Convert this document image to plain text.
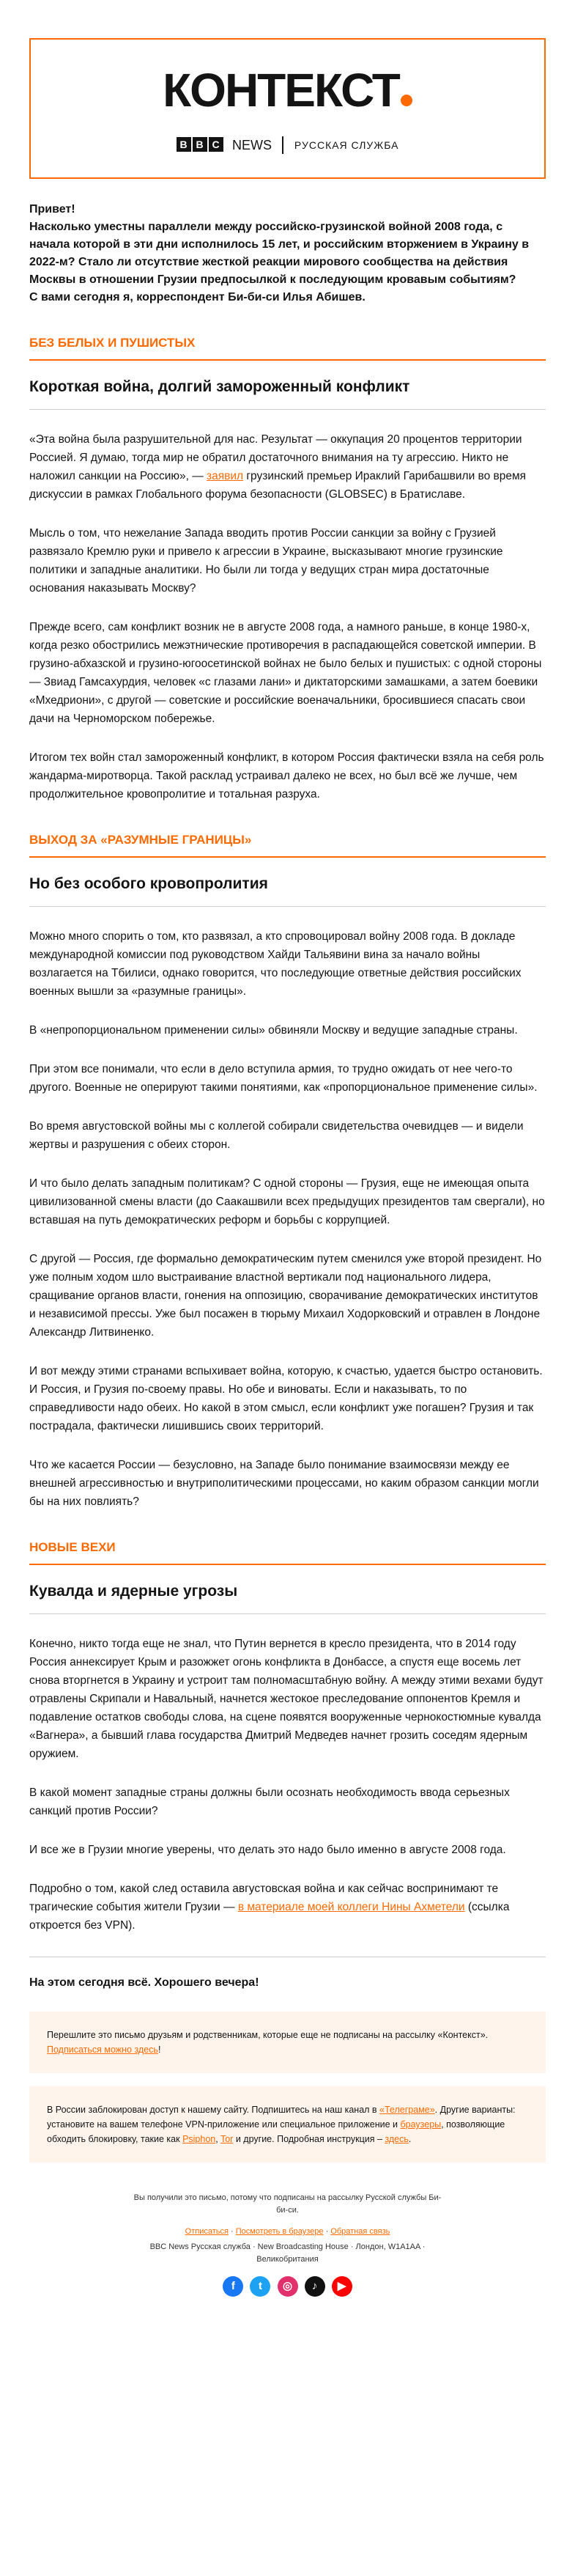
КОНТЕКСТ
B B C NEWS РУССКАЯ СЛУЖБА

Привет!

Насколько уместны параллели между российско-грузинской войной 2008 года, с начала которой в эти дни исполнилось 15 лет, и российским вторжением в Украину в 2022-м? Стало ли отсутствие жесткой реакции мирового сообщества на действия Москвы в отношении Грузии предпосылкой к последующим кровавым событиям?

С вами сегодня я, корреспондент Би-би-си Илья Абишев.

БЕЗ БЕЛЫХ И ПУШИСТЫХ
Короткая война, долгий замороженный конфликт

«Эта война была разрушительной для нас. Результат — оккупация 20 процентов территории Россией. Я думаю, тогда мир не обратил достаточного внимания на ту агрессию. Никто не наложил санкции на Россию», — заявил грузинский премьер Ираклий Гарибашвили во время дискуссии в рамках Глобального форума безопасности (GLOBSEC) в Братиславе.

Мысль о том, что нежелание Запада вводить против России санкции за войну с Грузией развязало Кремлю руки и привело к агрессии в Украине, высказывают многие грузинские политики и западные аналитики. Но были ли тогда у ведущих стран мира достаточные основания наказывать Москву?

Прежде всего, сам конфликт возник не в августе 2008 года, а намного раньше, в конце 1980-х, когда резко обострились межэтнические противоречия в распадающейся советской империи. В грузино-абхазской и грузино-югоосетинской войнах не было белых и пушистых: с одной стороны — Звиад Гамсахурдия, человек «с глазами лани» и диктаторскими замашками, а затем боевики «Мхедриони», с другой — советские и российские военачальники, бросившиеся спасать свои дачи на Черноморском побережье.

Итогом тех войн стал замороженный конфликт, в котором Россия фактически взяла на себя роль жандарма-миротворца. Такой расклад устраивал далеко не всех, но был всё же лучше, чем продолжительное кровопролитие и тотальная разруха.

ВЫХОД ЗА «РАЗУМНЫЕ ГРАНИЦЫ»
Но без особого кровопролития

Можно много спорить о том, кто развязал, а кто спровоцировал войну 2008 года. В докладе международной комиссии под руководством Хайди Тальявини вина за начало войны возлагается на Тбилиси, однако говорится, что последующие ответные действия российских военных вышли за «разумные границы».

В «непропорциональном применении силы» обвиняли Москву и ведущие западные страны.

При этом все понимали, что если в дело вступила армия, то трудно ожидать от нее чего-то другого. Военные не оперируют такими понятиями, как «пропорциональное применение силы».

Во время августовской войны мы с коллегой собирали свидетельства очевидцев — и видели жертвы и разрушения с обеих сторон.

И что было делать западным политикам? С одной стороны — Грузия, еще не имеющая опыта цивилизованной смены власти (до Саакашвили всех предыдущих президентов там свергали), но вставшая на путь демократических реформ и борьбы с коррупцией.

С другой — Россия, где формально демократическим путем сменился уже второй президент. Но уже полным ходом шло выстраивание властной вертикали под национального лидера, сращивание органов власти, гонения на оппозицию, сворачивание демократических институтов и независимой прессы. Уже был посажен в тюрьму Михаил Ходорковский и отравлен в Лондоне Александр Литвиненко.

И вот между этими странами вспыхивает война, которую, к счастью, удается быстро остановить. И Россия, и Грузия по-своему правы. Но обе и виноваты. Если и наказывать, то по справедливости надо обеих. Но какой в этом смысл, если конфликт уже погашен? Грузия и так пострадала, фактически лишившись своих территорий.

Что же касается России — безусловно, на Западе было понимание взаимосвязи между ее внешней агрессивностью и внутриполитическими процессами, но каким образом санкции могли бы на них повлиять?

НОВЫЕ ВЕХИ
Кувалда и ядерные угрозы

Конечно, никто тогда еще не знал, что Путин вернется в кресло президента, что в 2014 году Россия аннексирует Крым и разожжет огонь конфликта в Донбассе, а спустя еще восемь лет снова вторгнется в Украину и устроит там полномасштабную войну. А между этими вехами будут отравлены Скрипали и Навальный, начнется жестокое преследование оппонентов Кремля и подавление остатков свободы слова, на сцене появятся вооруженные чернокостюмные кувалда «Вагнера», а бывший глава государства Дмитрий Медведев начнет грозить соседям ядерным оружием.

В какой момент западные страны должны были осознать необходимость ввода серьезных санкций против России?

И все же в Грузии многие уверены, что делать это надо было именно в августе 2008 года.

Подробно о том, какой след оставила августовская война и как сейчас воспринимают те трагические события жители Грузии — в материале моей коллеги Нины Ахметели (ссылка откроется без VPN).

На этом сегодня всё. Хорошего вечера!
Перешлите это письмо друзьям и родственникам, которые еще не подписаны на рассылку «Контекст». Подписаться можно здесь!
В России заблокирован доступ к нашему сайту. Подпишитесь на наш канал в «Телеграме». Другие варианты: установите на вашем телефоне VPN-приложение или специальное приложение и браузеры, позволяющие обходить блокировку, такие как Psiphon, Tor и другие. Подробная инструкция – здесь.
Вы получили это письмо, потому что подписаны на рассылку Русской службы Би-би-си.
Отписаться · Посмотреть в браузере · Обратная связь
BBC News Русская служба · New Broadcasting House · Лондон, W1A1AA · Великобритания
f t ◎ ♪ ▶
